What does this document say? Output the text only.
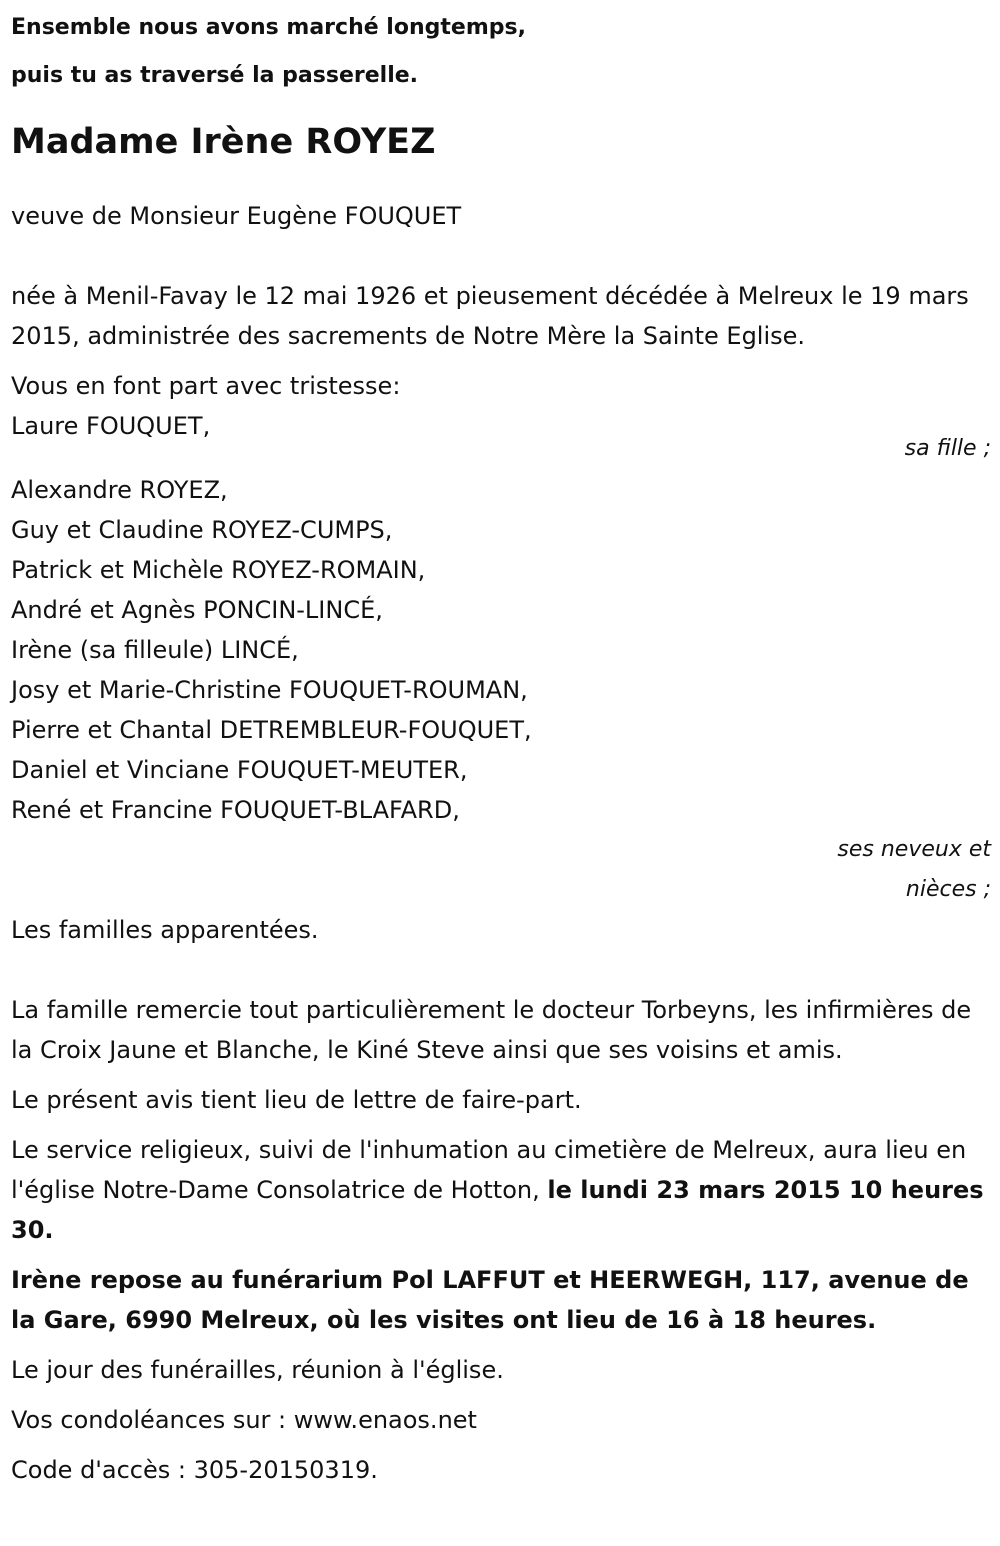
Ensemble nous avons marché longtemps,

puis tu as traversé la passerelle.

Madame Irène ROYEZ

veuve de Monsieur Eugène FOUQUET

née à Menil-Favay le 12 mai 1926 et pieusement décédée à Melreux le 19 mars 2015, administrée des sacrements de Notre Mère la Sainte Eglise.

Vous en font part avec tristesse:

Laure FOUQUET,

sa fille ;

Alexandre ROYEZ,
Guy et Claudine ROYEZ-CUMPS,
Patrick et Michèle ROYEZ-ROMAIN,
André et Agnès PONCIN-LINCÉ,
Irène (sa filleule) LINCÉ,
Josy et Marie-Christine FOUQUET-ROUMAN,
Pierre et Chantal DETREMBLEUR-FOUQUET,
Daniel et Vinciane FOUQUET-MEUTER,
René et Francine FOUQUET-BLAFARD,

ses neveux et

nièces ;

Les familles apparentées.

La famille remercie tout particulièrement le docteur Torbeyns, les infirmières de la Croix Jaune et Blanche, le Kiné Steve ainsi que ses voisins et amis.

Le présent avis tient lieu de lettre de faire-part.

Le service religieux, suivi de l'inhumation au cimetière de Melreux, aura lieu en l'église Notre-Dame Consolatrice de Hotton, le lundi 23 mars 2015 10 heures 30.

Irène repose au funérarium Pol LAFFUT et HEERWEGH, 117, avenue de la Gare, 6990 Melreux, où les visites ont lieu de 16 à 18 heures.

Le jour des funérailles, réunion à l'église.

Vos condoléances sur : www.enaos.net

Code d'accès : 305-20150319.
